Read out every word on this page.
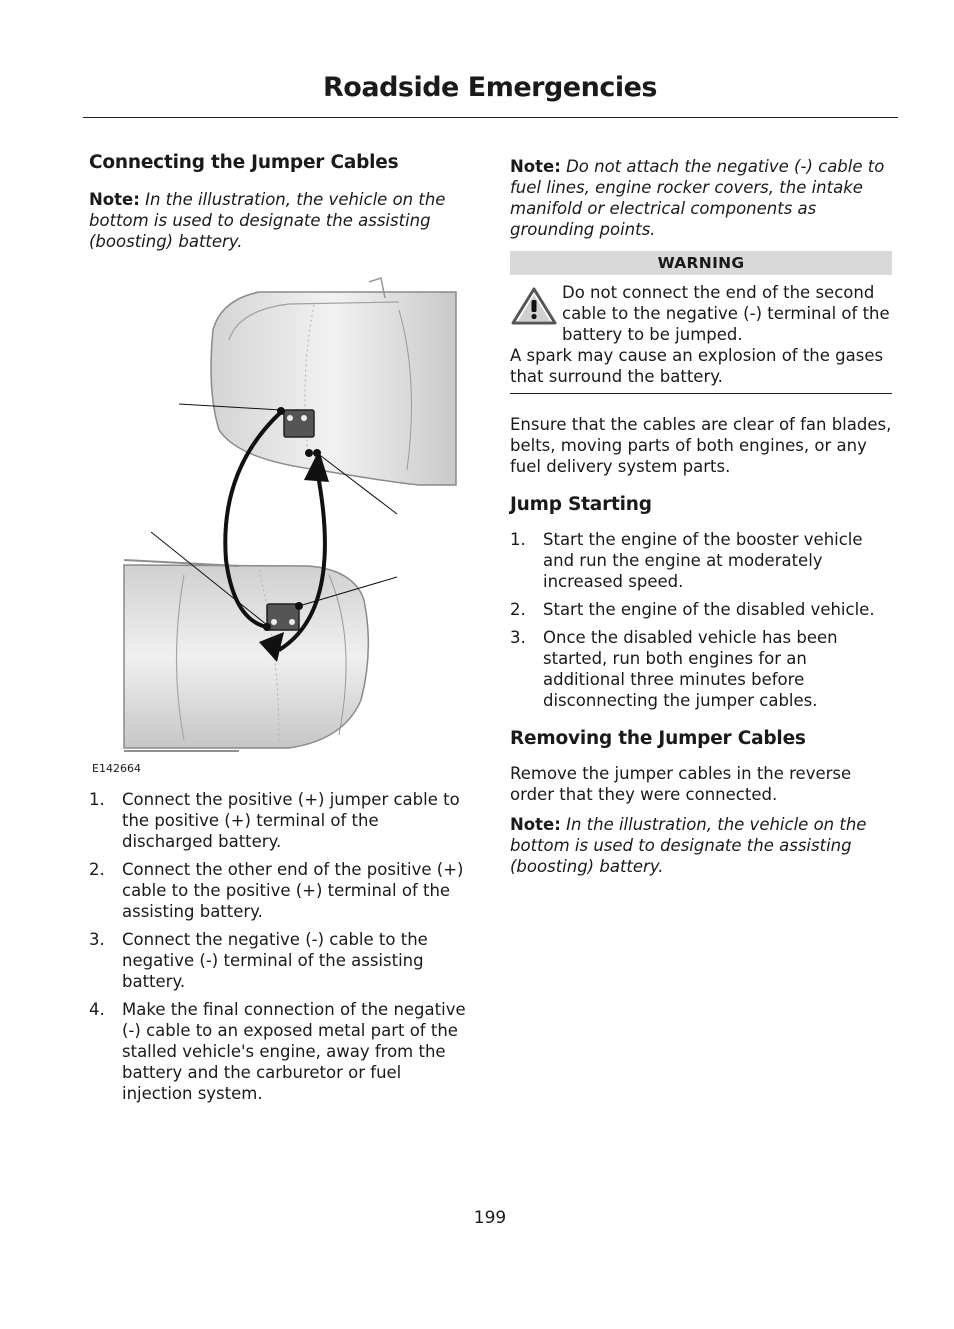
Roadside Emergencies
Connecting the Jumper Cables

Note: In the illustration, the vehicle on the bottom is used to designate the assisting (boosting) battery.

E142664
1.	Connect the positive (+) jumper cable to the positive (+) terminal of the discharged battery.
2.	Connect the other end of the positive (+) cable to the positive (+) terminal of the assisting battery.
3.	Connect the negative (-) cable to the negative (-) terminal of the assisting battery.
4.	Make the final connection of the negative (-) cable to an exposed metal part of the stalled vehicle's engine, away from the battery and the carburetor or fuel injection system.

Note: Do not attach the negative (-) cable to fuel lines, engine rocker covers, the intake manifold or electrical components as grounding points.

WARNING

Do not connect the end of the second cable to the negative (-) terminal of the battery to be jumped.

A spark may cause an explosion of the gases that surround the battery.

Ensure that the cables are clear of fan blades, belts, moving parts of both engines, or any fuel delivery system parts.

Jump Starting
1.	Start the engine of the booster vehicle and run the engine at moderately increased speed.
2.	Start the engine of the disabled vehicle.
3.	Once the disabled vehicle has been started, run both engines for an additional three minutes before disconnecting the jumper cables.
Removing the Jumper Cables

Remove the jumper cables in the reverse order that they were connected.

Note: In the illustration, the vehicle on the bottom is used to designate the assisting (boosting) battery.

199
